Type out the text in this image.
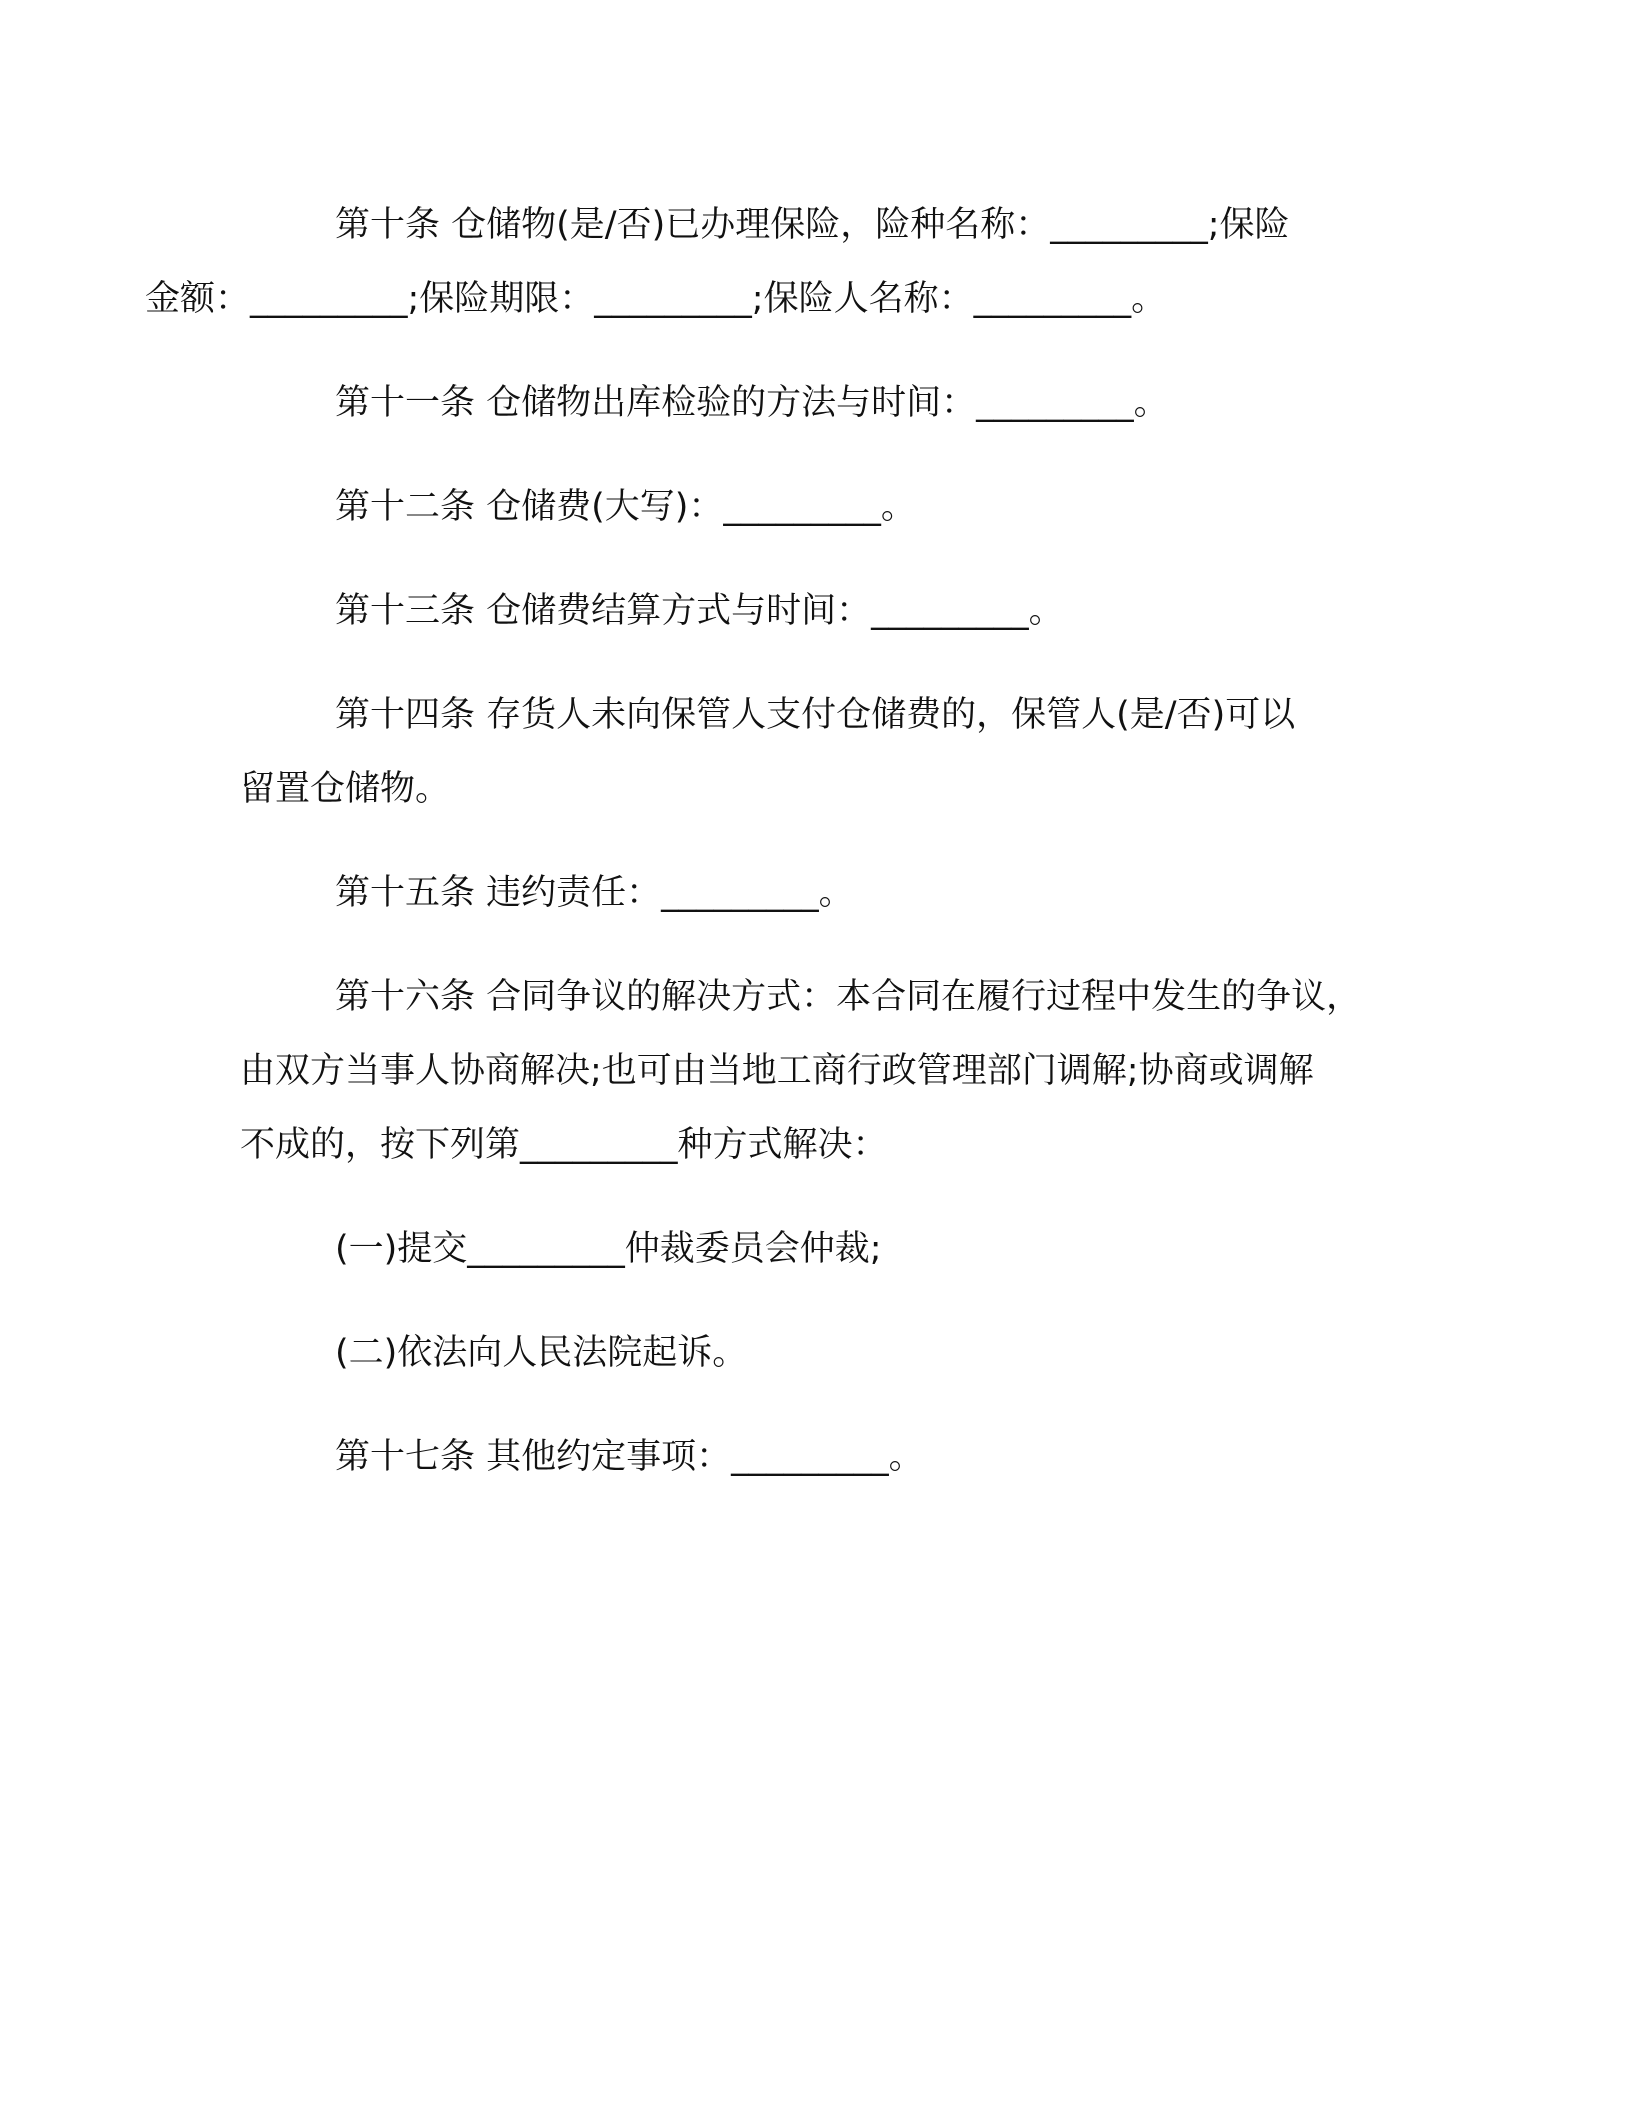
第十条 仓储物(是/否)已办理保险，险种名称：_________;保险
金额：_________;保险期限：_________;保险人名称：_________。

第十一条 仓储物出库检验的方法与时间：_________。

第十二条 仓储费(大写)：_________。

第十三条 仓储费结算方式与时间：_________。

第十四条 存货人未向保管人支付仓储费的，保管人(是/否)可以
留置仓储物。

第十五条 违约责任：_________。

第十六条 合同争议的解决方式：本合同在履行过程中发生的争议，
由双方当事人协商解决;也可由当地工商行政管理部门调解;协商或调解
不成的，按下列第_________种方式解决：

(一)提交_________仲裁委员会仲裁;

(二)依法向人民法院起诉。

第十七条 其他约定事项：_________。
